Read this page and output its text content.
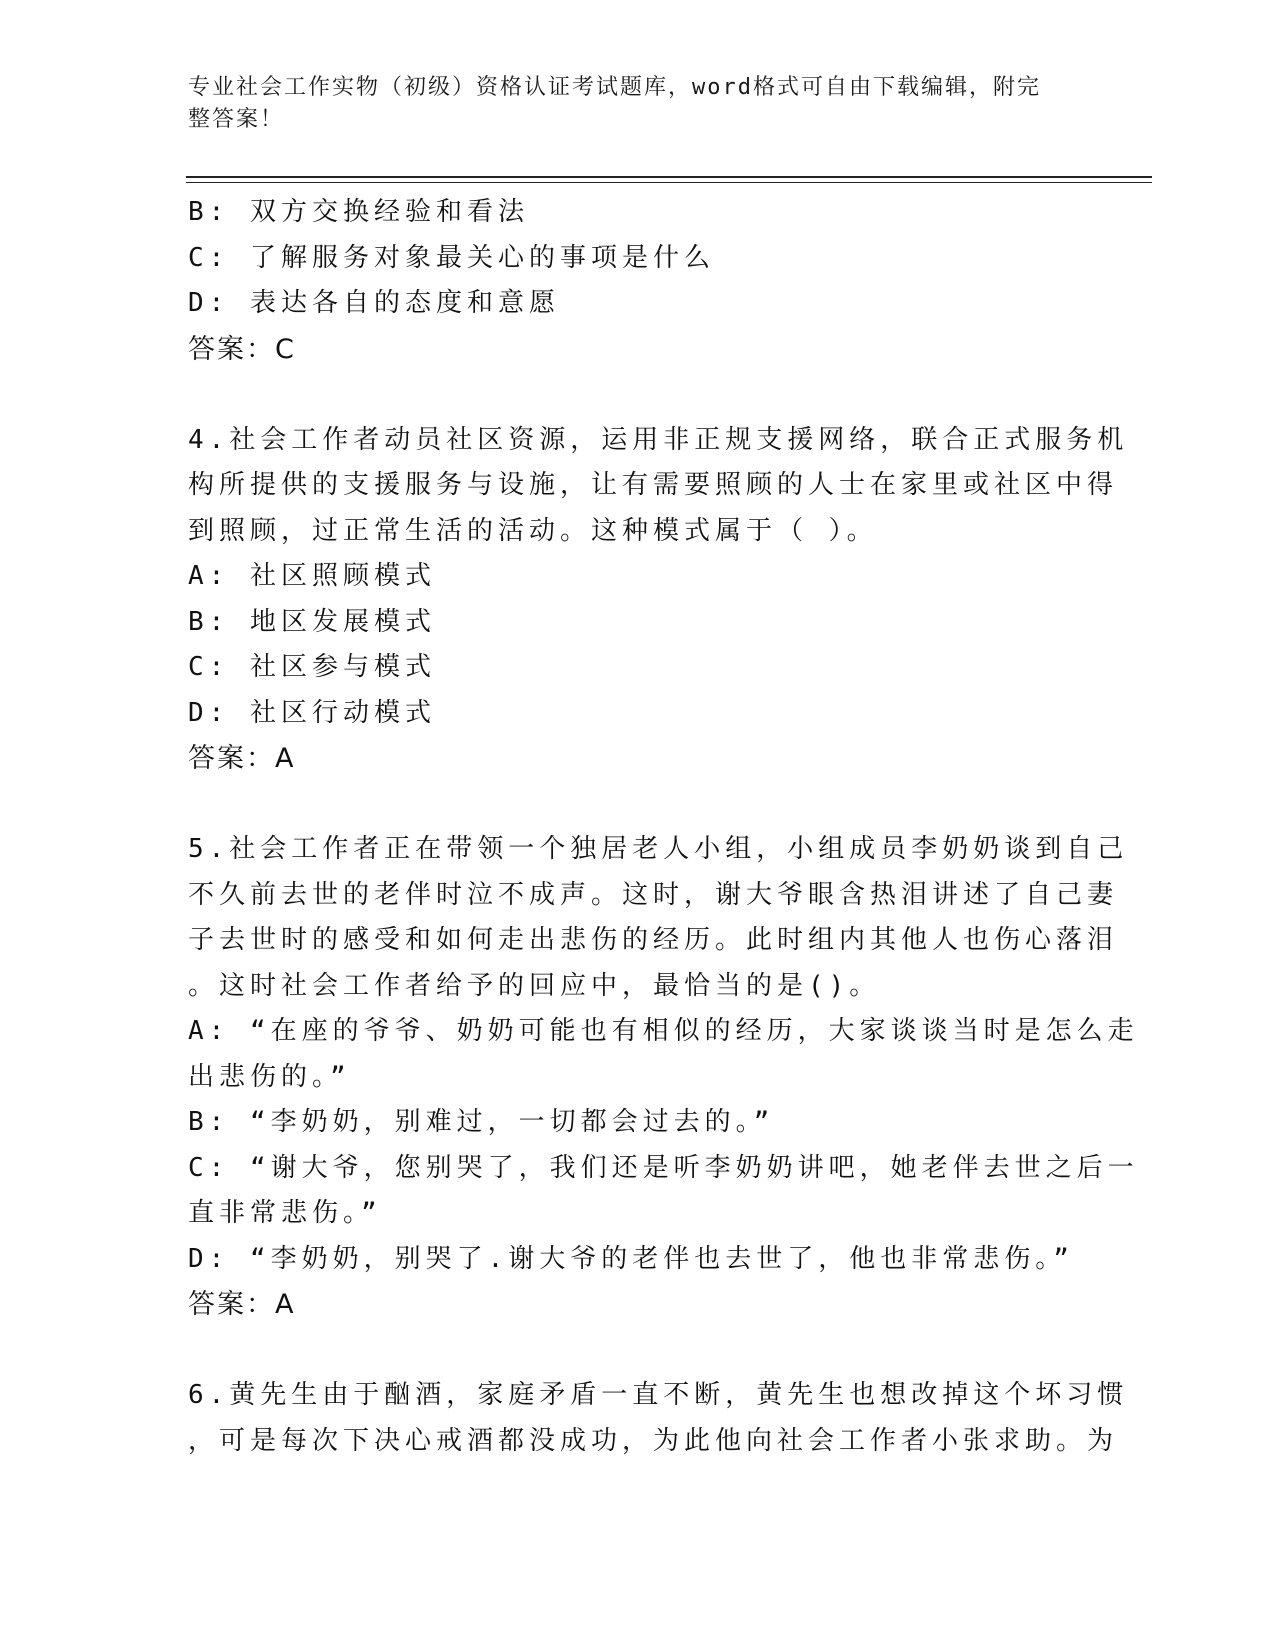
专业社会工作实物（初级）资格认证考试题库，word格式可自由下载编辑，附完
整答案！

B: 双方交换经验和看法

C: 了解服务对象最关心的事项是什么

D: 表达各自的态度和意愿

答案：C

4.社会工作者动员社区资源，运用非正规支援网络，联合正式服务机

构所提供的支援服务与设施，让有需要照顾的人士在家里或社区中得

到照顾，过正常生活的活动。这种模式属于（ ）。

A: 社区照顾模式

B: 地区发展模式

C: 社区参与模式

D: 社区行动模式

答案：A

5.社会工作者正在带领一个独居老人小组，小组成员李奶奶谈到自己

不久前去世的老伴时泣不成声。这时，谢大爷眼含热泪讲述了自己妻

子去世时的感受和如何走出悲伤的经历。此时组内其他人也伤心落泪

。这时社会工作者给予的回应中，最恰当的是()。

A: “在座的爷爷、奶奶可能也有相似的经历，大家谈谈当时是怎么走

出悲伤的。”

B: “李奶奶，别难过，一切都会过去的。”

C: “谢大爷，您别哭了，我们还是听李奶奶讲吧，她老伴去世之后一

直非常悲伤。”

D: “李奶奶，别哭了.谢大爷的老伴也去世了，他也非常悲伤。”

答案：A

6.黄先生由于酗酒，家庭矛盾一直不断，黄先生也想改掉这个坏习惯

，可是每次下决心戒酒都没成功，为此他向社会工作者小张求助。为
